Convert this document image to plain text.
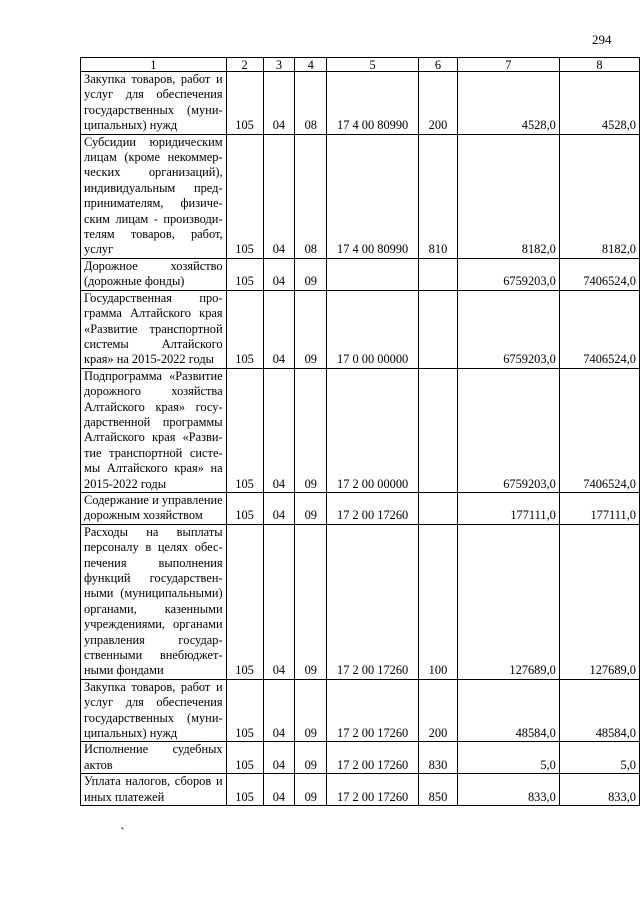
294
1	2	3	4	5	6	7	8
Закупка товаров, работ и услуг для обеспечения государственных (муниципальных) нужд	105	04	08	17 4 00 80990	200	4528,0	4528,0
Субсидии юридическим лицам (кроме некоммерческих организаций), индивидуальным предпринимателям, физическим лицам - производителям товаров, работ, услуг	105	04	08	17 4 00 80990	810	8182,0	8182,0
Дорожное хозяйство (дорожные фонды)	105	04	09			6759203,0	7406524,0
Государственная программа Алтайского края «Развитие транспортной системы Алтайского края» на 2015-2022 годы	105	04	09	17 0 00 00000		6759203,0	7406524,0
Подпрограмма «Развитие дорожного хозяйства Алтайского края» государственной программы Алтайского края «Развитие транспортной системы Алтайского края» на 2015-2022 годы	105	04	09	17 2 00 00000		6759203,0	7406524,0
Содержание и управление дорожным хозяйством	105	04	09	17 2 00 17260		177111,0	177111,0
Расходы на выплаты персоналу в целях обеспечения выполнения функций государственными (муниципальными) органами, казенными учреждениями, органами управления государственными внебюджетными фондами	105	04	09	17 2 00 17260	100	127689,0	127689,0
Закупка товаров, работ и услуг для обеспечения государственных (муниципальных) нужд	105	04	09	17 2 00 17260	200	48584,0	48584,0
Исполнение судебных актов	105	04	09	17 2 00 17260	830	5,0	5,0
Уплата налогов, сборов и иных платежей	105	04	09	17 2 00 17260	850	833,0	833,0
`
